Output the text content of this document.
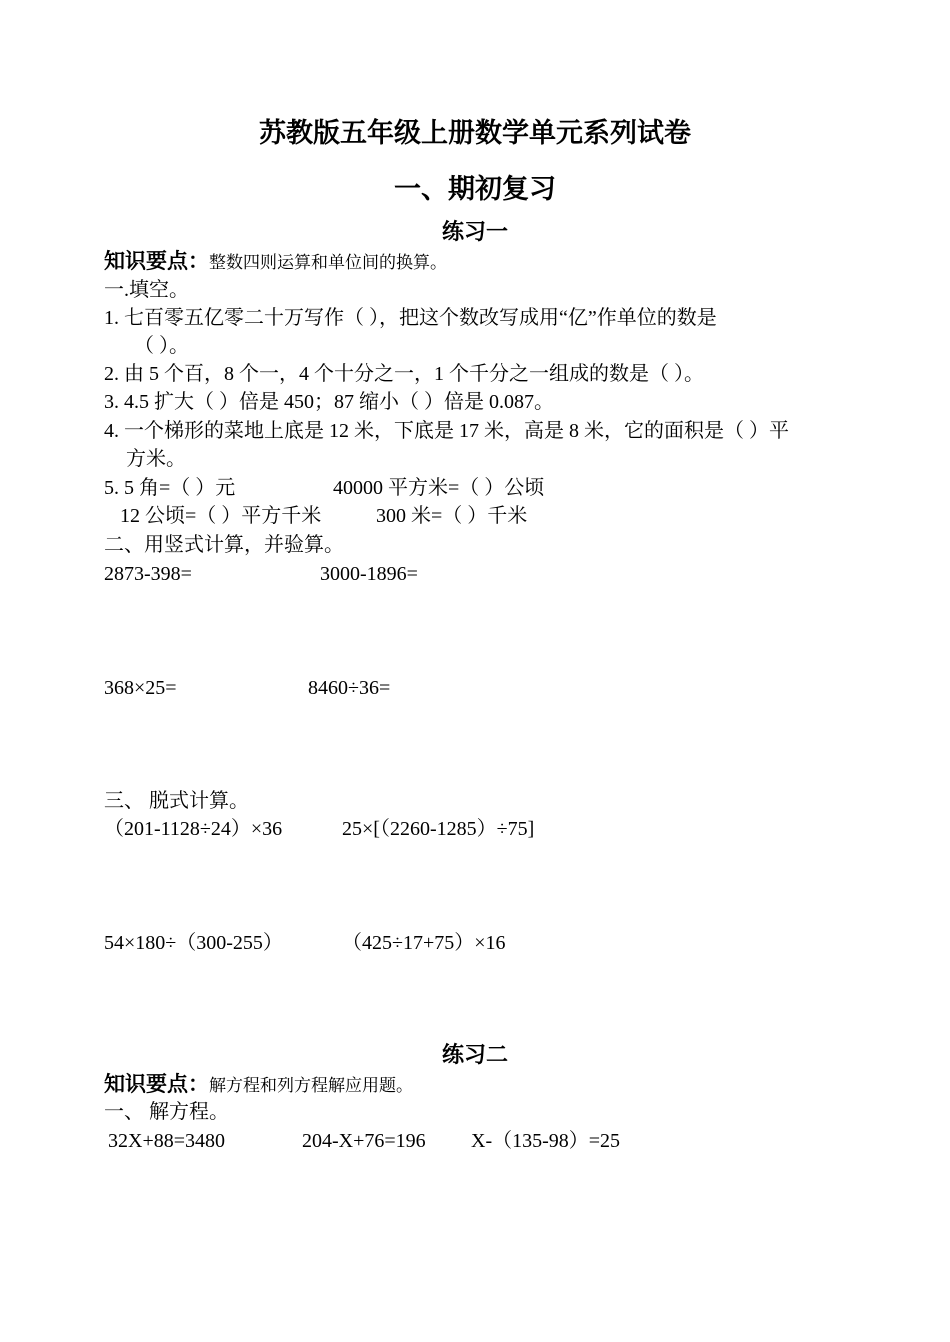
苏教版五年级上册数学单元系列试卷
一、期初复习
练习一
知识要点：整数四则运算和单位间的换算。
一.填空。
1. 七百零五亿零二十万写作（ ），把这个数改写成用“亿”作单位的数是
（ ）。
2. 由 5 个百，8 个一，4 个十分之一，1 个千分之一组成的数是（ ）。
3. 4.5 扩大（ ）倍是 450；87 缩小（ ）倍是 0.087。
4. 一个梯形的菜地上底是 12 米，下底是 17 米，高是 8 米，它的面积是（ ）平
方米。
5. 5 角=（ ）元	40000 平方米=（ ）公顷
12 公顷=（ ）平方千米	300 米=（ ）千米
二、用竖式计算，并验算。
2873-398=	3000-1896=
368×25=	8460÷36=
三、 脱式计算。
（201-1128÷24）×36	25×[（2260-1285）÷75]
54×180÷（300-255）	（425÷17+75）×16
练习二
知识要点：解方程和列方程解应用题。
一、 解方程。
32X+88=3480	204-X+76=196 X-（135-98）=25
